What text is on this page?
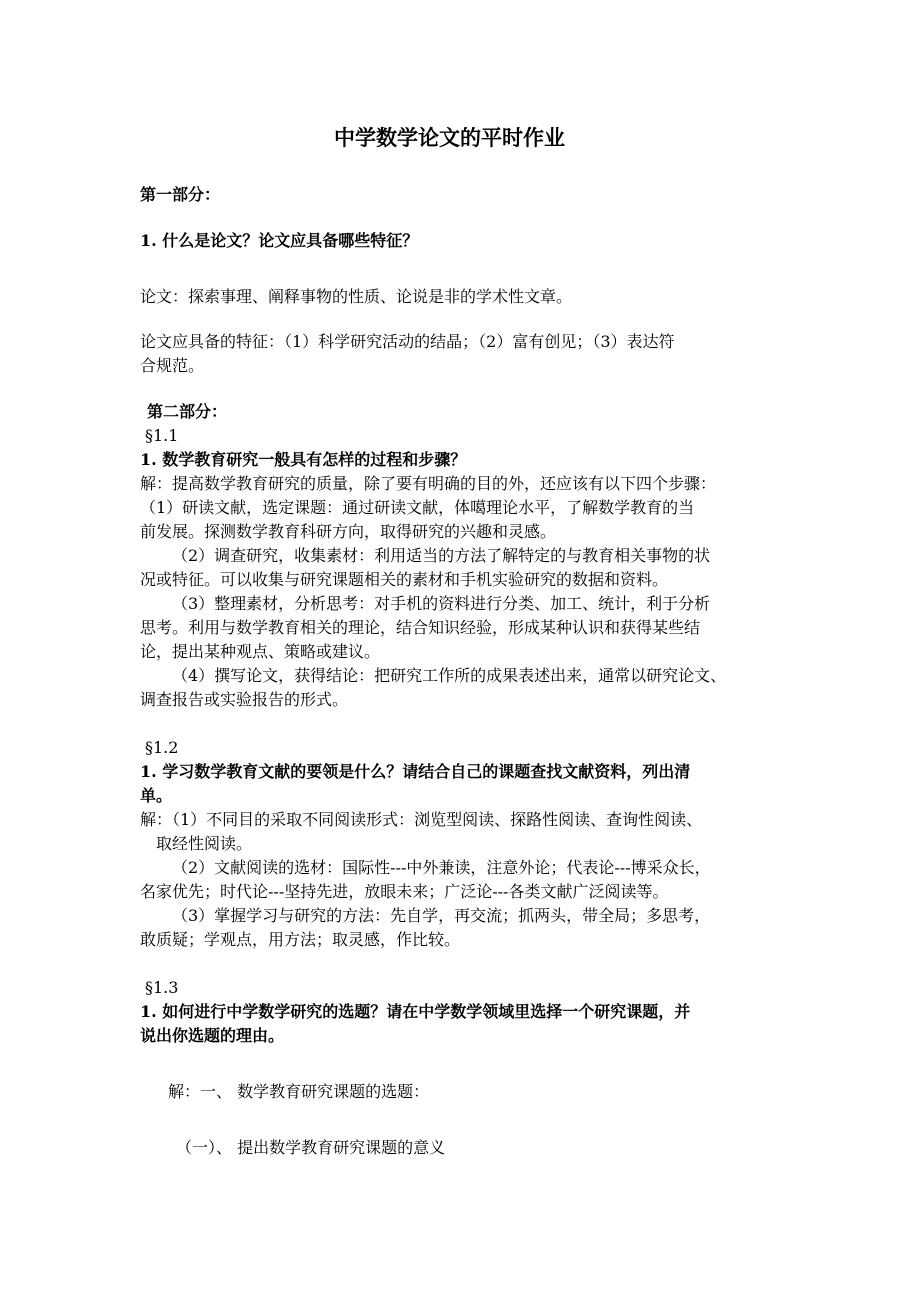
中学数学论文的平时作业

第一部分：

1. 什么是论文？论文应具备哪些特征？

论文：探索事理、阐释事物的性质、论说是非的学术性文章。

论文应具备的特征：（1）科学研究活动的结晶；（2）富有创见；（3）表达符

合规范。

第二部分：

§1.1

1. 数学教育研究一般具有怎样的过程和步骤？

解：提高数学教育研究的质量，除了要有明确的目的外，还应该有以下四个步骤：

（1）研读文献，选定课题：通过研读文献，体噶理论水平，了解数学教育的当

前发展。探测数学教育科研方向，取得研究的兴趣和灵感。

（2）调查研究，收集素材：利用适当的方法了解特定的与教育相关事物的状

况或特征。可以收集与研究课题相关的素材和手机实验研究的数据和资料。

（3）整理素材，分析思考：对手机的资料进行分类、加工、统计，利于分析

思考。利用与数学教育相关的理论，结合知识经验，形成某种认识和获得某些结

论，提出某种观点、策略或建议。

（4）撰写论文，获得结论：把研究工作所的成果表述出来，通常以研究论文、

调查报告或实验报告的形式。

§1.2

1. 学习数学教育文献的要领是什么？请结合自己的课题查找文献资料，列出清

单。

解：（1）不同目的采取不同阅读形式：浏览型阅读、探路性阅读、查询性阅读、

取经性阅读。

（2）文献阅读的选材：国际性---中外兼读，注意外论；代表论---博采众长，

名家优先；时代论---坚持先进，放眼未来；广泛论---各类文献广泛阅读等。

（3）掌握学习与研究的方法：先自学，再交流；抓两头，带全局；多思考，

敢质疑；学观点，用方法；取灵感，作比较。

§1.3

1. 如何进行中学数学研究的选题？请在中学数学领域里选择一个研究课题，并

说出你选题的理由。

解：一、 数学教育研究课题的选题：

（一）、 提出数学教育研究课题的意义
